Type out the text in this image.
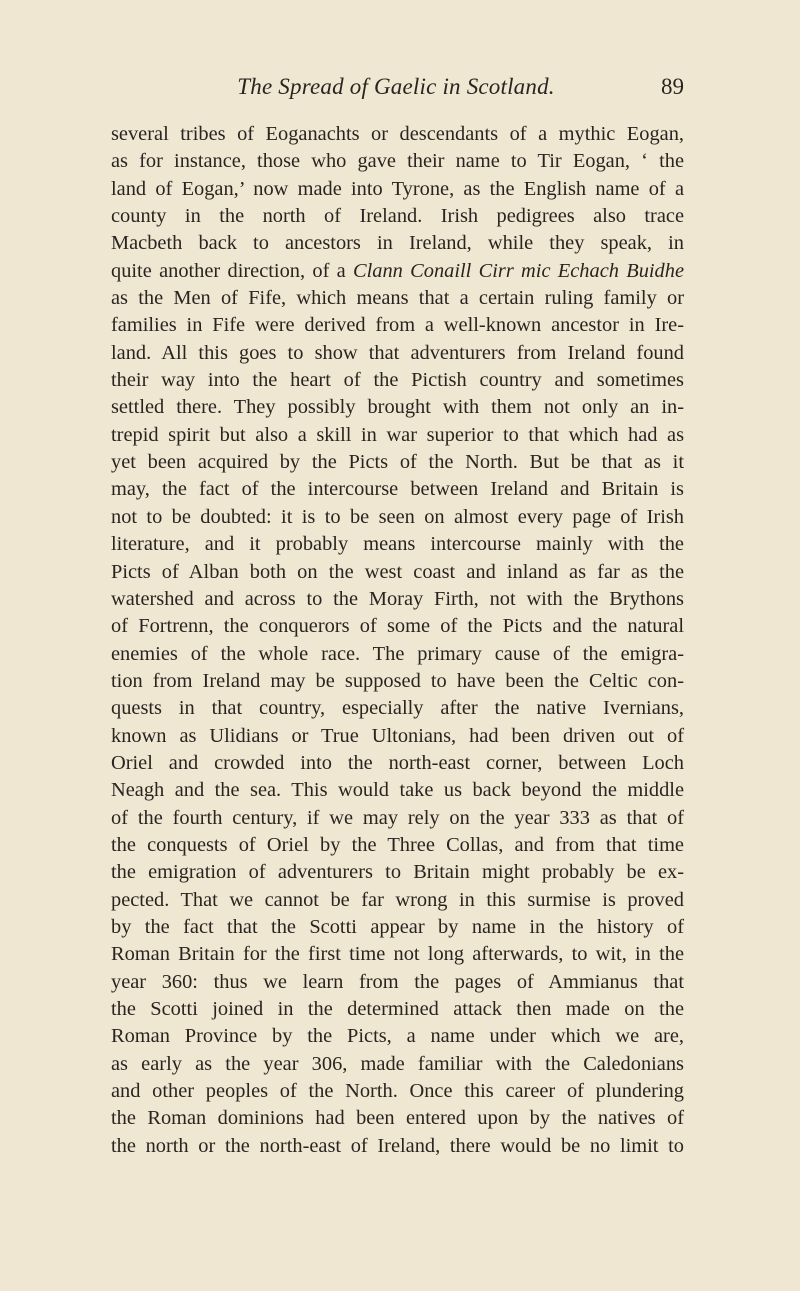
The Spread of Gaelic in Scotland.	89
several tribes of Eoganachts or descendants of a mythic Eogan,
as for instance, those who gave their name to Tir Eogan, ‘ the
land of Eogan,’ now made into Tyrone, as the English name of a
county in the north of Ireland. Irish pedigrees also trace
Macbeth back to ancestors in Ireland, while they speak, in
quite another direction, of a Clann Conaill Cirr mic Echach Buidhe
as the Men of Fife, which means that a certain ruling family or
families in Fife were derived from a well-known ancestor in Ire-
land. All this goes to show that adventurers from Ireland found
their way into the heart of the Pictish country and sometimes
settled there. They possibly brought with them not only an in-
trepid spirit but also a skill in war superior to that which had as
yet been acquired by the Picts of the North. But be that as it
may, the fact of the intercourse between Ireland and Britain is
not to be doubted: it is to be seen on almost every page of Irish
literature, and it probably means intercourse mainly with the
Picts of Alban both on the west coast and inland as far as the
watershed and across to the Moray Firth, not with the Brythons
of Fortrenn, the conquerors of some of the Picts and the natural
enemies of the whole race. The primary cause of the emigra-
tion from Ireland may be supposed to have been the Celtic con-
quests in that country, especially after the native Ivernians,
known as Ulidians or True Ultonians, had been driven out of
Oriel and crowded into the north-east corner, between Loch
Neagh and the sea. This would take us back beyond the middle
of the fourth century, if we may rely on the year 333 as that of
the conquests of Oriel by the Three Collas, and from that time
the emigration of adventurers to Britain might probably be ex-
pected. That we cannot be far wrong in this surmise is proved
by the fact that the Scotti appear by name in the history of
Roman Britain for the first time not long afterwards, to wit, in the
year 360: thus we learn from the pages of Ammianus that
the Scotti joined in the determined attack then made on the
Roman Province by the Picts, a name under which we are,
as early as the year 306, made familiar with the Caledonians
and other peoples of the North. Once this career of plundering
the Roman dominions had been entered upon by the natives of
the north or the north-east of Ireland, there would be no limit to
